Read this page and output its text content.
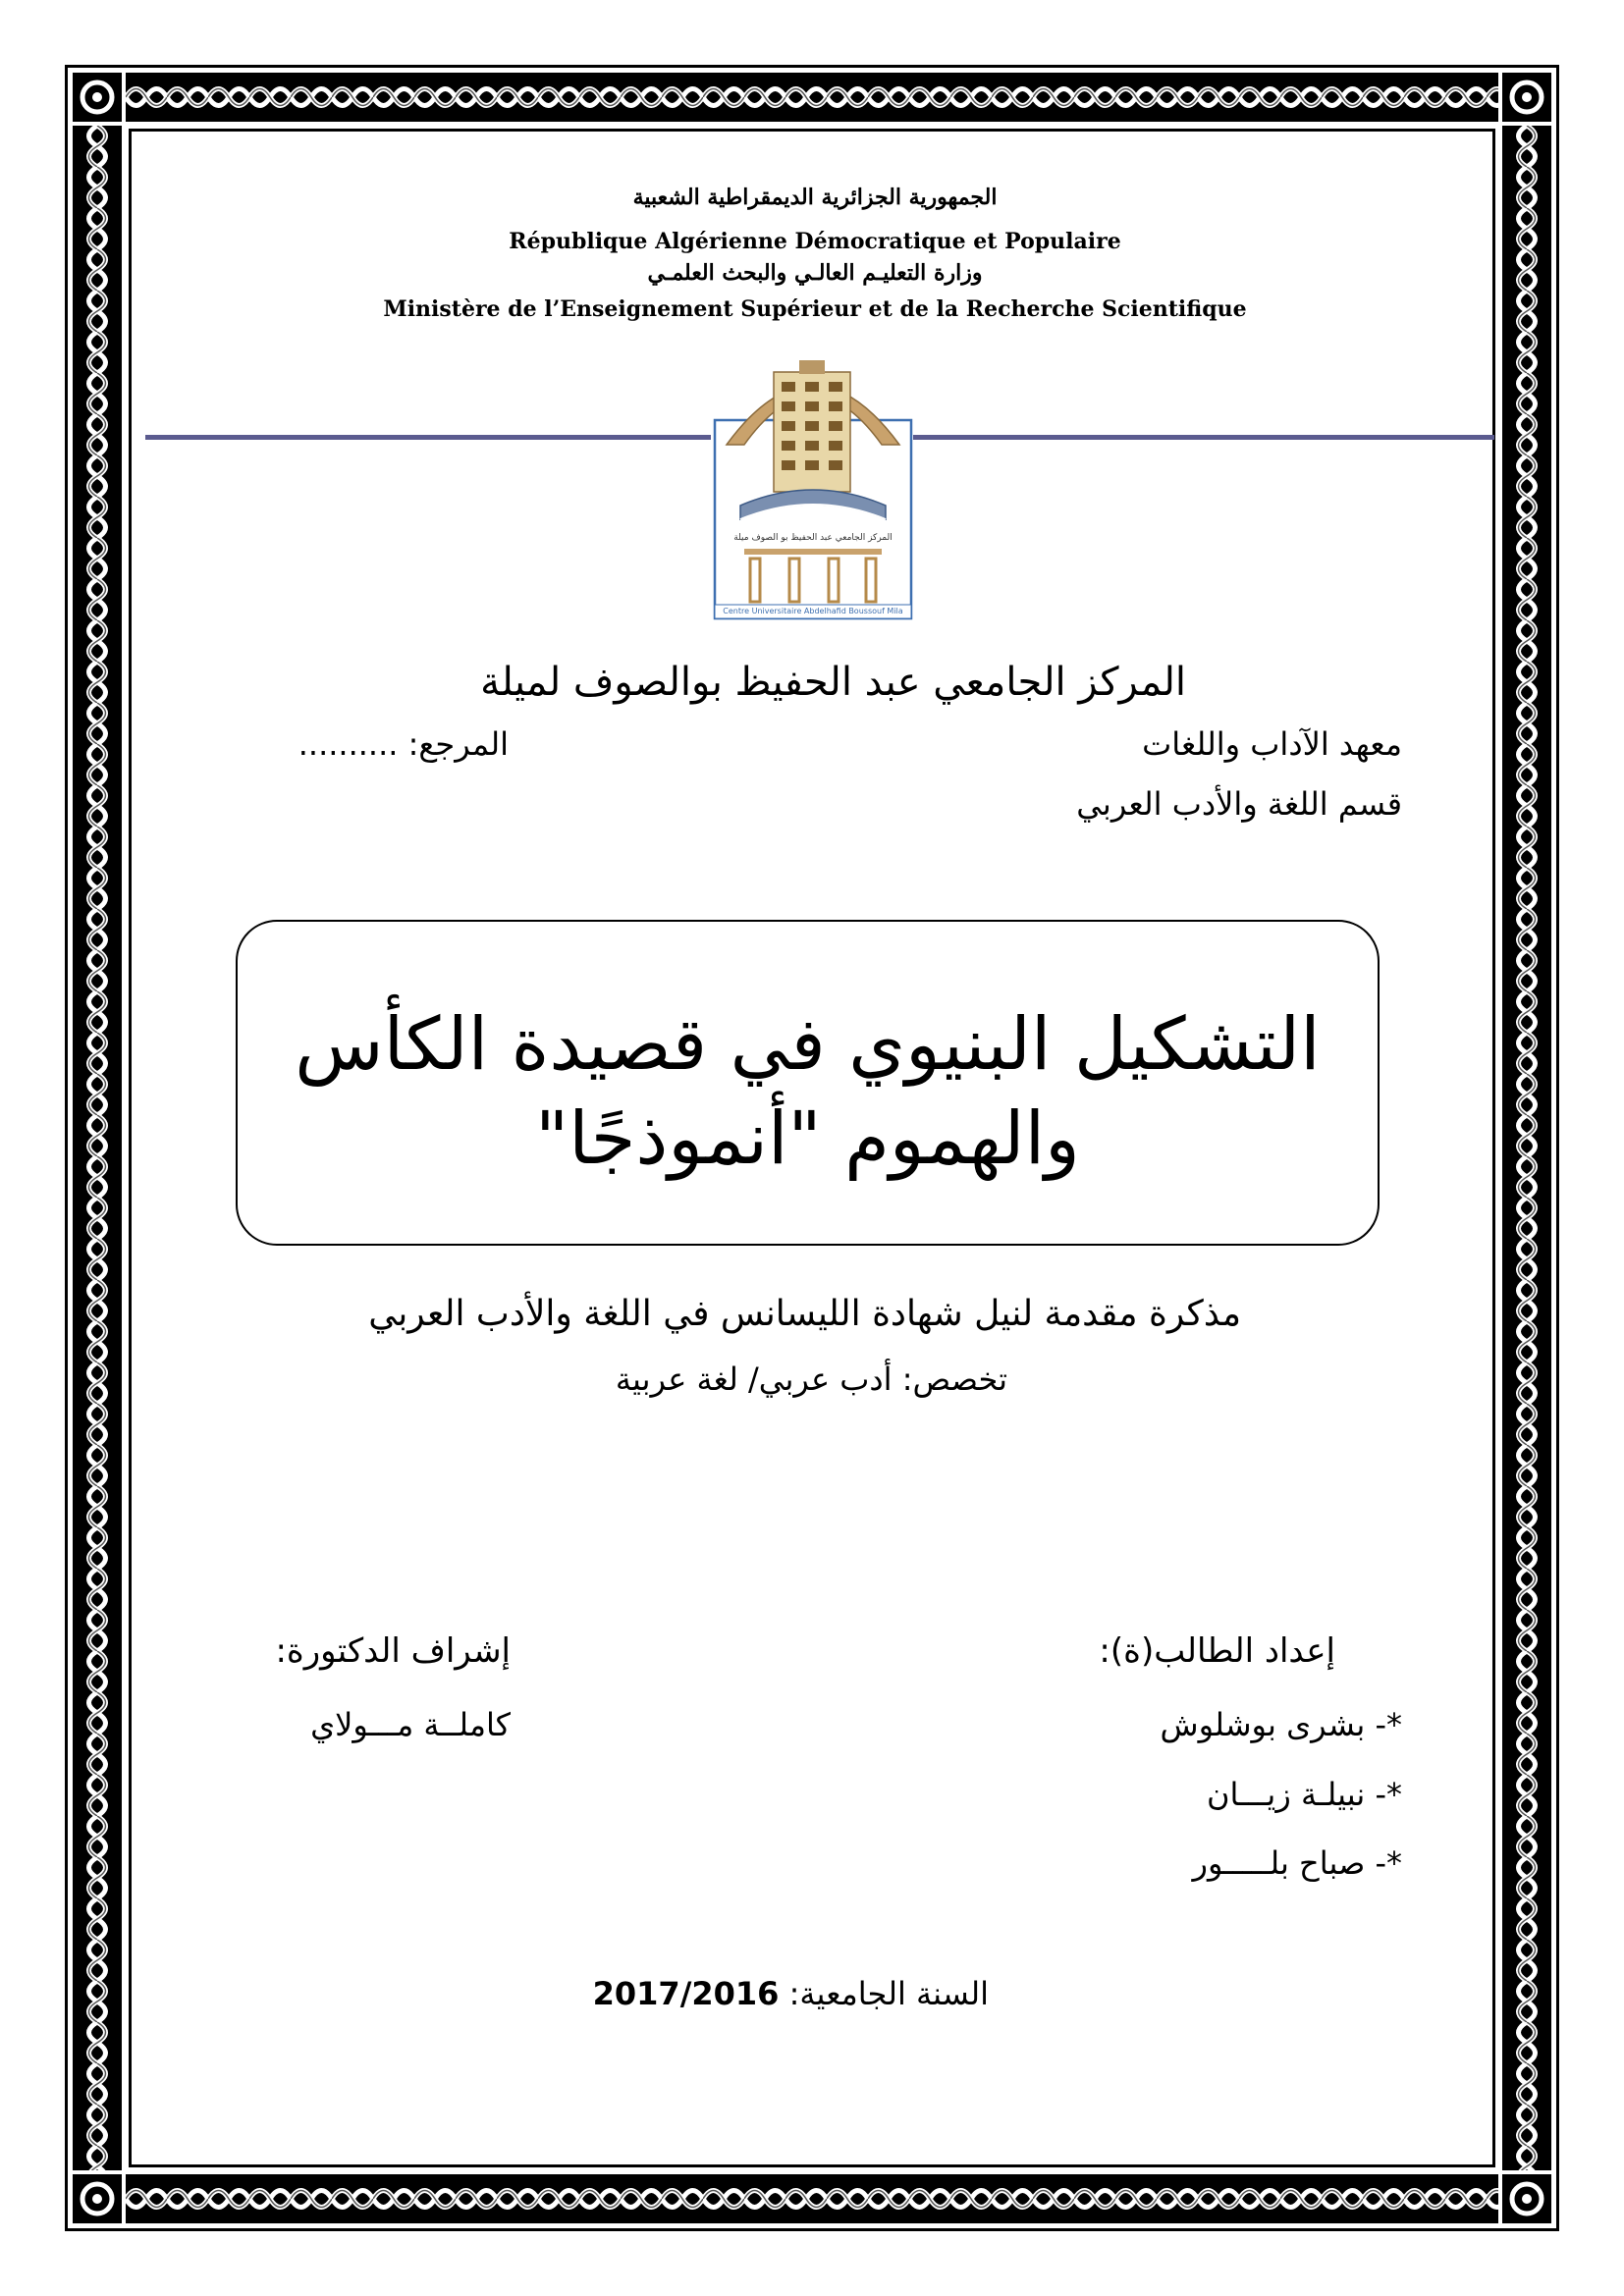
الجمهورية الجزائرية الديمقراطية الشعبية
République Algérienne Démocratique et Populaire
وزارة التعليـم العالـي والبحث العلمـي
Ministère de l’Enseignement Supérieur et de la Recherche Scientifique
المركز الجامعي عبد الحفيظ بو الصوف ميلة
Centre Universitaire Abdelhafid Boussouf Mila
المركز الجامعي عبد الحفيظ بوالصوف لميلة
معهد الآداب واللغات
المرجع: ..........
قسم اللغة والأدب العربي
التشكيل البنيوي في قصيدة الكأس
والهموم "أنموذجًا"
مذكرة مقدمة لنيل شهادة الليسانس في اللغة والأدب العربي
تخصص: أدب عربي/ لغة عربية
إعداد الطالب(ة):
*- بشرى بوشلوش
*- نبيلـة زيـــان
*- صباح بلـــــور
إشراف الدكتورة:
كاملــة مـــولاي
السنة الجامعية: 2017/2016
